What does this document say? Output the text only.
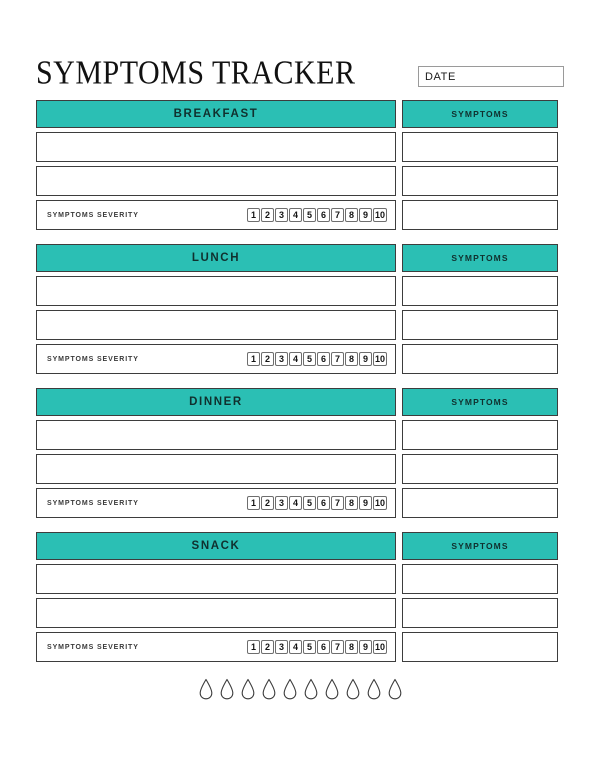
SYMPTOMS TRACKER	DATE
BREAKFAST
SYMPTOMS SEVERITY	1 2 3 4 5 6 7 8 9 10
SYMPTOMS
LUNCH
SYMPTOMS SEVERITY	1 2 3 4 5 6 7 8 9 10
SYMPTOMS
DINNER
SYMPTOMS SEVERITY	1 2 3 4 5 6 7 8 9 10
SYMPTOMS
SNACK
SYMPTOMS SEVERITY	1 2 3 4 5 6 7 8 9 10
SYMPTOMS
